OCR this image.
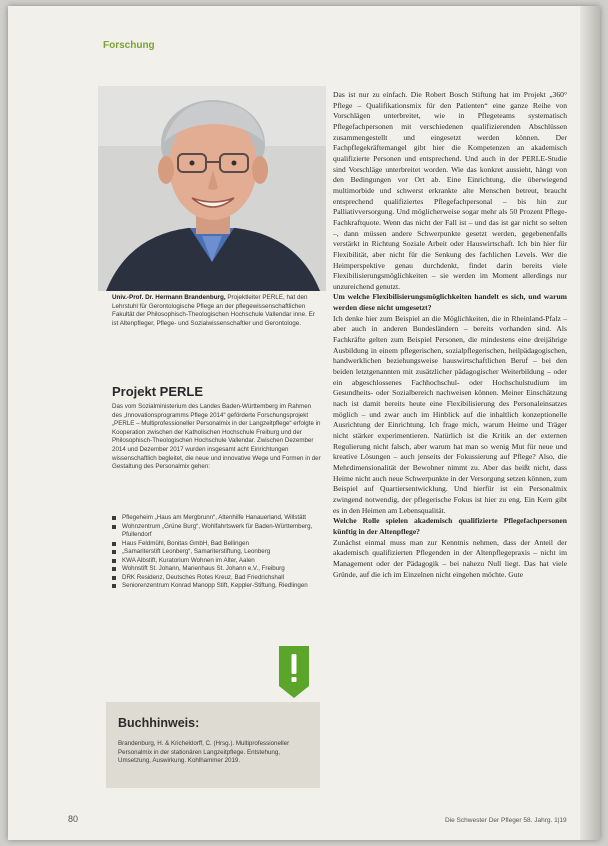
Forschung
Univ.-Prof. Dr. Hermann Brandenburg, Projektleiter PERLE, hat den Lehrstuhl für Gerontologische Pflege an der pflegewissenschaftlichen Fakultät der Philosophisch-Theologischen Hochschule Vallendar inne. Er ist Altenpfleger, Pflege- und Sozialwissenschaftler und Gerontologe.
Projekt PERLE
Das vom Sozialministerium des Landes Baden-Württemberg im Rahmen des „Innovationsprogramms Pflege 2014“ geförderte Forschungsprojekt „PERLE – Multiprofessioneller Personalmix in der Langzeitpflege“ erfolgte in Kooperation zwischen der Katholischen Hochschule Freiburg und der Philosophisch-Theologischen Hochschule Vallendar. Zwischen Dezember 2014 und Dezember 2017 wurden insgesamt acht Einrichtungen wissenschaftlich begleitet, die neue und innovative Wege und Formen in der Gestaltung des Personalmix gehen:
Pflegeheim „Haus am Mergbrunn“, Altenhilfe Hanauerland, Willstätt
Wohnzentrum „Grüne Burg“, Wohlfahrtswerk für Baden-Württemberg, Pfullendorf
Haus Feldmühl, Bonitas GmbH, Bad Bellingen
„Samariterstift Leonberg“, Samariterstiftung, Leonberg
KWA Albstift, Kuratorium Wohnen im Alter, Aalen
Wohnstift St. Johann, Marienhaus St. Johann e.V., Freiburg
DRK Residenz, Deutsches Rotes Kreuz, Bad Friedrichshall
Seniorenzentrum Konrad Manopp Stift, Keppler-Stiftung, Riedlingen
Buchhinweis:
Brandenburg, H. & Kricheldorff, C. (Hrsg.). Multiprofessioneller Personalmix in der stationären Langzeitpflege. Entstehung, Umsetzung, Auswirkung. Kohlhammer 2019.

Das ist nur zu einfach. Die Robert Bosch Stiftung hat im Projekt „360° Pflege – Qualifikationsmix für den Patienten“ eine ganze Reihe von Vorschlägen unterbreitet, wie in Pflegeteams systematisch Pflegefachpersonen mit verschiedenen qualifizierenden Abschlüssen zusammengestellt und eingesetzt werden können. Der Fachpflegekräftemangel gibt hier die Kompetenzen an akademisch qualifizierte Personen und entsprechend. Und auch in der PERLE-Studie sind Vorschläge unterbreitet worden. Wie das konkret aussieht, hängt von den Bedingungen vor Ort ab. Eine Einrichtung, die überwiegend multimorbide und schwerst erkrankte alte Menschen betreut, braucht entsprechend qualifiziertes Pflegefachpersonal – bis hin zur Palliativversorgung. Und möglicherweise sogar mehr als 50 Prozent Pflege-Fachkraftquote. Wenn das nicht der Fall ist – und das ist gar nicht so selten –, dann müssen andere Schwerpunkte gesetzt werden, gegebenenfalls verstärkt in Richtung Soziale Arbeit oder Hauswirtschaft. Ich bin hier für Flexibilität, aber nicht für die Senkung des fachlichen Levels. Wer die Heimperspektive genau durchdenkt, findet darin bereits viele Flexibilisierungsmöglichkeiten – sie werden im Moment allerdings nur unzureichend genutzt.

Um welche Flexibilisierungsmöglichkeiten handelt es sich, und warum werden diese nicht umgesetzt?

Ich denke hier zum Beispiel an die Möglichkeiten, die in Rheinland-Pfalz – aber auch in anderen Bundesländern – bereits vorhanden sind. Als Fachkräfte gelten zum Beispiel Personen, die mindestens eine dreijährige Ausbildung in einem pflegerischen, sozialpflegerischen, heilpädagogischen, handwerklichen beziehungsweise hauswirtschaftlichen Beruf – bei den beiden letztgenannten mit zusätzlicher pädagogischer Weiterbildung – oder ein abgeschlossenes Fachhochschul- oder Hochschulstudium im Gesundheits- oder Sozialbereich nachweisen können. Meiner Einschätzung nach ist damit bereits heute eine Flexibilisierung des Personaleinsatzes möglich – und zwar auch im Hinblick auf die inhaltlich konzeptionelle Ausrichtung der Einrichtung. Ich frage mich, warum Heime und Träger nicht stärker experimentieren. Natürlich ist die Kritik an der externen Regulierung nicht falsch, aber warum hat man so wenig Mut für neue und kreative Lösungen – auch jenseits der Fokussierung auf Pflege? Also, die Mehrdimensionalität der Bewohner nimmt zu. Aber das heißt nicht, dass Heime nicht auch neue Schwerpunkte in der Versorgung setzen können, zum Beispiel auf Quartiersentwicklung. Und hierfür ist ein Personalmix zwingend notwendig, der pflegerische Fokus ist hier zu eng. Ein Kern gibt es in den Heimen am Lebensqualität.

Welche Rolle spielen akademisch qualifizierte Pflegefachpersonen künftig in der Altenpflege?

Zunächst einmal muss man zur Kenntnis nehmen, dass der Anteil der akademisch qualifizierten Pflegenden in der Altenpflegepraxis – nicht im Management oder der Pädagogik – bei nahezu Null liegt. Das hat viele Gründe, auf die ich im Einzelnen nicht eingehen möchte. Gute

80	Die Schwester Der Pfleger 58. Jahrg. 1|19
